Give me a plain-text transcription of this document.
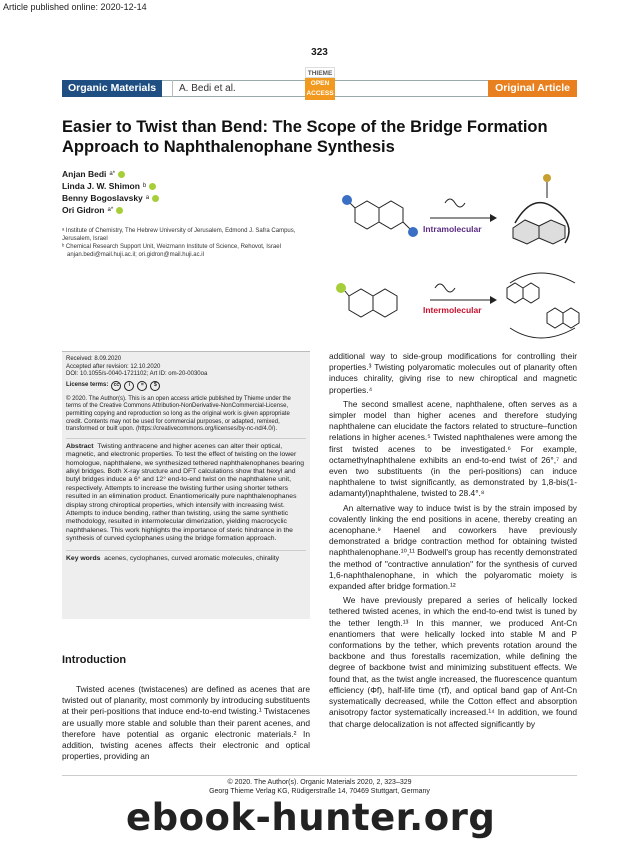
Article published online: 2020-12-14
323
Organic Materials	A. Bedi et al.	Original Article
THIEME
OPEN
ACCESS
Easier to Twist than Bend: The Scope of the Bridge Formation Approach to Naphthalenophane Synthesis
Anjan Bedi a*
Linda J. W. Shimon b
Benny Bogoslavsky a
Ori Gidron a*
ᵃ Institute of Chemistry, The Hebrew University of Jerusalem, Edmond J. Safra Campus, Jerusalem, Israel
ᵇ Chemical Research Support Unit, Weizmann Institute of Science, Rehovot, Israel
anjan.bedi@mail.huji.ac.il; ori.gidron@mail.huji.ac.il
Intramolecular
Intermolecular
Received: 8.09.2020
Accepted after revision: 12.10.2020
DOI: 10.1055/s-0040-1721102; Art ID: om-20-0030oa
License terms:	cc	i	=	$
© 2020. The Author(s). This is an open access article published by Thieme under the terms of the Creative Commons Attribution-NonDerivative-NonCommercial-License, permitting copying and reproduction so long as the original work is given appropriate credit. Contents may not be used for commercial purposes, or adapted, remixed, transformed or built upon. (https://creativecommons.org/licenses/by-nc-nd/4.0/).
Abstract Twisting anthracene and higher acenes can alter their optical, magnetic, and electronic properties. To test the effect of twisting on the lower homologue, naphthalene, we synthesized tethered naphthalenophanes bearing alkyl bridges. Both X-ray structure and DFT calculations show that hexyl and butyl bridges induce a 6° and 12° end-to-end twist on the naphthalene unit, respectively. Attempts to increase the twisting further using shorter tethers resulted in an elimination product. Enantiomerically pure naphthalenophanes display strong chiroptical properties, which intensify with increasing twist. Attempts to induce bending, rather than twisting, using the same synthetic methodology, resulted in intermolecular dimerization, yielding macrocyclic naphthalenes. This work highlights the importance of steric hindrance in the synthesis of curved cyclophanes using the bridge formation approach.
Key words acenes, cyclophanes, curved aromatic molecules, chirality
Introduction

Twisted acenes (twistacenes) are defined as acenes that are twisted out of planarity, most commonly by introducing substituents at their peri-positions that induce end-to-end twisting.¹ Twistacenes are usually more stable and soluble than their parent acenes, and therefore have potential as organic electronic materials.² In addition, twisting acenes affects their electronic and optical properties, providing an

additional way to side-group modifications for controlling their properties.³ Twisting polyaromatic molecules out of planarity often induces chirality, giving rise to new chiroptical and magnetic properties.⁴

The second smallest acene, naphthalene, often serves as a simpler model than higher acenes and therefore studying naphthalene can elucidate the factors related to structure–function relations in higher acenes.⁵ Twisted naphthalenes were among the first twisted acenes to be investigated.⁶ For example, octamethylnaphthalene exhibits an end-to-end twist of 26°,⁷ and even two substituents (in the peri-positions) can induce naphthalene to twist significantly, as demonstrated by 1,8-bis(1-adamantyl)naphthalene, twisted to 28.4°.⁸

An alternative way to induce twist is by the strain imposed by covalently linking the end positions in acene, thereby creating an acenophane.⁹ Haenel and coworkers have previously demonstrated a bridge contraction method for obtaining twisted naphthalenophane.¹⁰,¹¹ Bodwell's group has recently demonstrated the method of "contractive annulation" for the synthesis of curved 1,6-naphthalenophane, in which the polyaromatic moiety is expanded after bridge formation.¹²

We have previously prepared a series of helically locked tethered twisted acenes, in which the end-to-end twist is tuned by the tether length.¹³ In this manner, we produced Ant-Cn enantiomers that were helically locked into stable M and P conformations by the tether, which prevents rotation around the backbone and thus forestalls racemization, while defining the degree of backbone twist and minimizing substituent effects. We found that, as the twist angle increased, the fluorescence quantum efficiency (Φf), half-life time (τf), and optical band gap of Ant-Cn systematically decreased, while the Cotton effect and absorption anisotropy factor systematically increased.¹⁴ In addition, we found that charge delocalization is not affected significantly by

© 2020. The Author(s). Organic Materials 2020, 2, 323–329
Georg Thieme Verlag KG, Rüdigerstraße 14, 70469 Stuttgart, Germany
ebook-hunter.org
